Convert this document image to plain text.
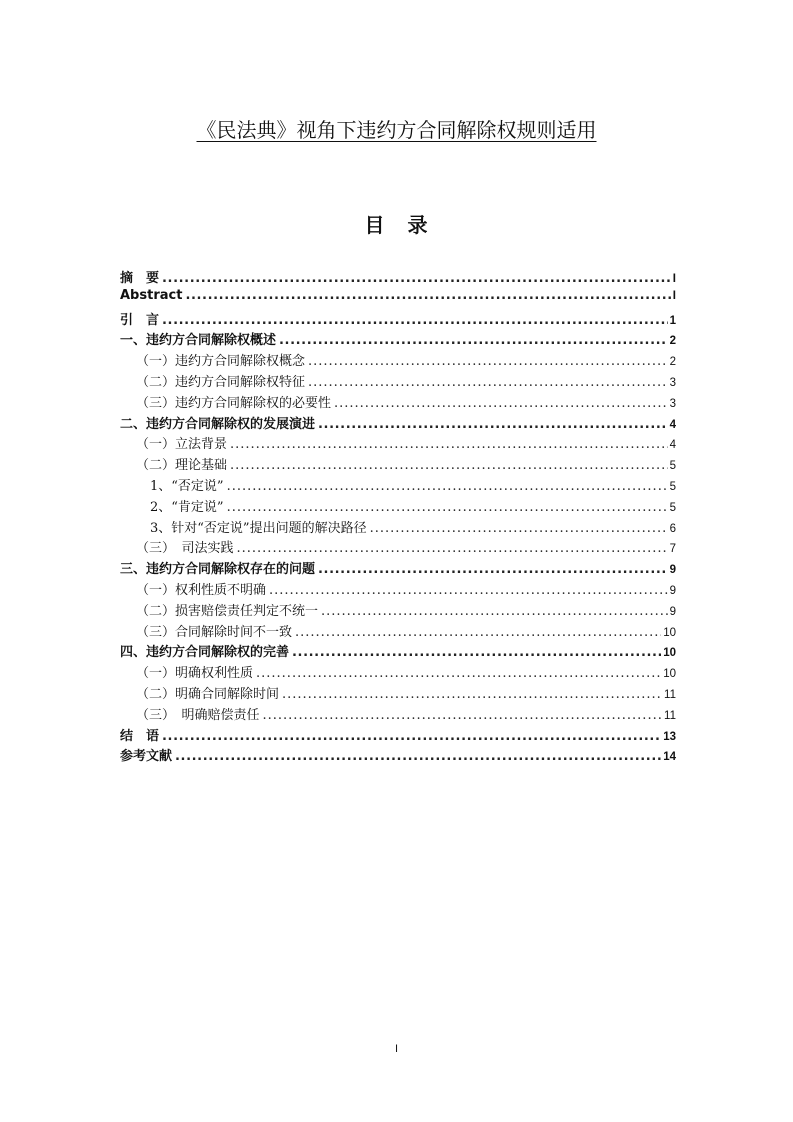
《民法典》视角下违约方合同解除权规则适用
目 录
摘　要 .....	I
Abstract .....	I
引　言 .....	1
一、违约方合同解除权概述 .....	2
（一）违约方合同解除权概念 .....	2
（二）违约方合同解除权特征 .....	3
（三）违约方合同解除权的必要性 .....	3
二、违约方合同解除权的发展演进 .....	4
（一）立法背景 .....	4
（二）理论基础 .....	5
1、“否定说” .....	5
2、“肯定说” .....	5
3、针对“否定说”提出问题的解决路径 .....	6
（三）　司法实践 .....	7
三、违约方合同解除权存在的问题 .....	9
（一）权利性质不明确 .....	9
（二）损害赔偿责任判定不统一 .....	9
（三）合同解除时间不一致 .....	10
四、违约方合同解除权的完善 .....	10
（一）明确权利性质 .....	10
（二）明确合同解除时间 .....	11
（三）　明确赔偿责任 .....	11
结　语 .....	13
参考文献 .....	14
I
